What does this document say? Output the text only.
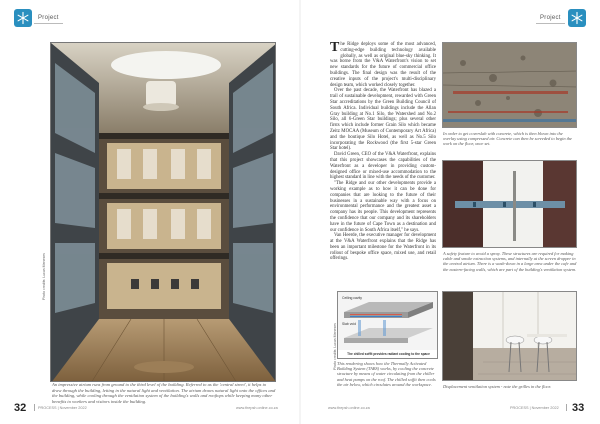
Project	Project
Photo credits: Lucas Meneses
An impressive atrium runs from ground to the third level of the building. Referred to as the 'central street', it helps to draw through the building, letting in the natural light and ventilation. The atrium draws natural light onto the offices and the building, while cooling through the ventilation system of the building's walls and rooftops while keeping many other benefits to workers and visitors inside the building.

The Ridge deploys some of the most advanced, cutting-edge building technology available globally, as well as original blue-sky thinking. It was borne from the V&A Waterfront's vision to set new standards for the future of commercial office buildings. The final design was the result of the creative inputs of the project's multi-disciplinary design team, which worked closely together.

Over the past decade, the Waterfront has blazed a trail of sustainable development, rewarded with Green Star accreditations by the Green Building Council of South Africa. Individual buildings include the Allan Gray building at No.1 Silo, the Watershed and No.2 Silo, all 6-Green Star buildings; plus several other firsts which include former Grain Silo which became Zeitz MOCAA (Museum of Contemporary Art Africa) and the boutique Silo Hotel, as well as No.5 Silo incorporating the Rockwood (the first 5-star Green Star hotel).

David Green, CEO of the V&A Waterfront, explains that this project showcases the capabilities of the Waterfront as a developer in providing custom-designed office or mixed-use accommodation to the highest standard in line with the needs of the customer.

"The Ridge and our other developments provide a working example as to how it can be done for companies that are looking to the future of their businesses in a sustainable way with a focus on environmental performance and the greatest asset a company has its people. This development represents the confidence that our company and its shareholders have in the future of Cape Town as a destination and our confidence in South Africa itself," he says.

Van Heerde, the executive manager for development at the V&A Waterfront explains that the Ridge has been an important milestone for the Waterfront in its rollout of bespoke office space, mixed use, and retail offerings.

In order to get coverslab with concrete, which is then blown into the overlay using compressed air. Concrete can then be screeded to begin the work on the floor, once set.
A safety feature to avoid a spray. These structures are required for making cable and smoke extraction systems, and internally at the screen dropper in the central atrium. There is a wash-down in a large area under the cafe and the eastern-facing walls, which are part of the building's ventilation system.
Ceiling cavity
Slab void
The chilled soffit provides radiant cooling to the space
This rendering shows how the Thermally Activated Building System (TABS) works, by cooling the concrete structure by means of water circulating from the chiller and heat pumps on the roof. The chilled soffit then cools the air below, which circulates around the workspace.	Displacement ventilation system - note the grilles in the floor.
Photo credits: Lucas Meneses
32	PROCESS | November 2022	www.thepsh.online.co.za	www.thepsh.online.co.za	PROCESS | November 2022 33
